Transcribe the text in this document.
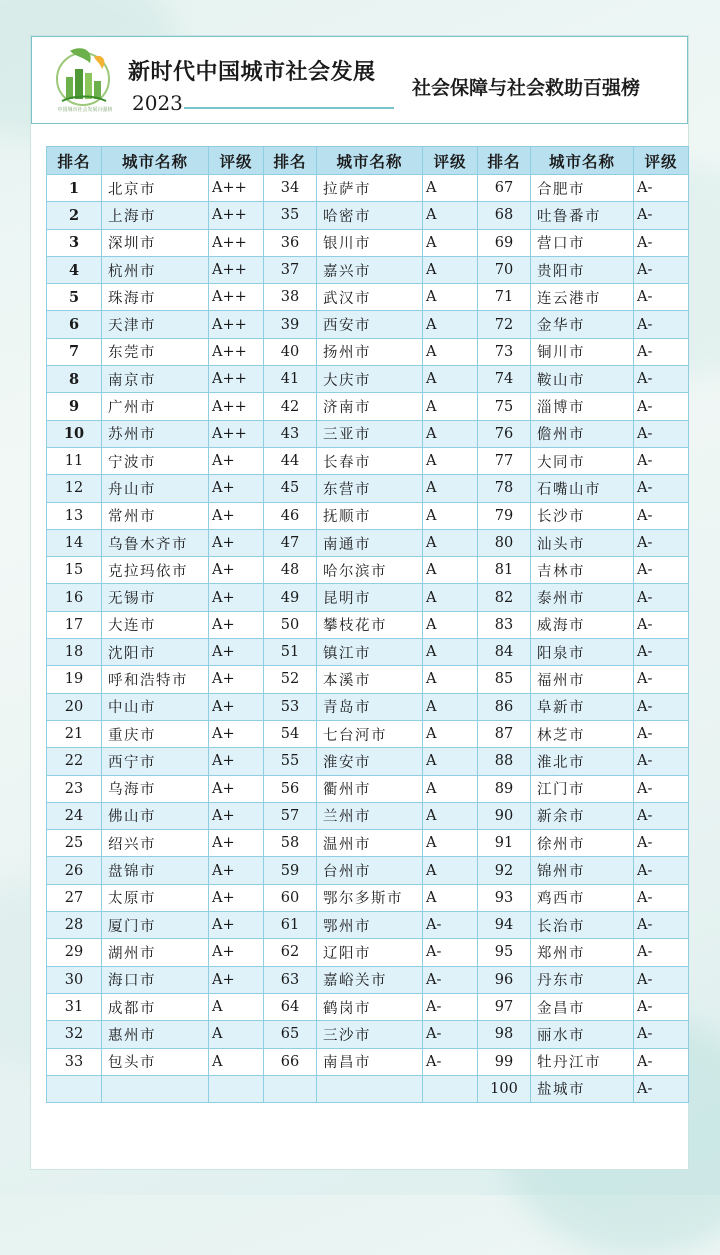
中国城市社会发展百强榜
新时代中国城市社会发展
2023
社会保障与社会救助百强榜
排名	城市名称	评级	排名	城市名称	评级	排名	城市名称	评级
1	北京市	A++	34	拉萨市	A	67	合肥市	A-
2	上海市	A++	35	哈密市	A	68	吐鲁番市	A-
3	深圳市	A++	36	银川市	A	69	营口市	A-
4	杭州市	A++	37	嘉兴市	A	70	贵阳市	A-
5	珠海市	A++	38	武汉市	A	71	连云港市	A-
6	天津市	A++	39	西安市	A	72	金华市	A-
7	东莞市	A++	40	扬州市	A	73	铜川市	A-
8	南京市	A++	41	大庆市	A	74	鞍山市	A-
9	广州市	A++	42	济南市	A	75	淄博市	A-
10	苏州市	A++	43	三亚市	A	76	儋州市	A-
11	宁波市	A+	44	长春市	A	77	大同市	A-
12	舟山市	A+	45	东营市	A	78	石嘴山市	A-
13	常州市	A+	46	抚顺市	A	79	长沙市	A-
14	乌鲁木齐市	A+	47	南通市	A	80	汕头市	A-
15	克拉玛依市	A+	48	哈尔滨市	A	81	吉林市	A-
16	无锡市	A+	49	昆明市	A	82	泰州市	A-
17	大连市	A+	50	攀枝花市	A	83	威海市	A-
18	沈阳市	A+	51	镇江市	A	84	阳泉市	A-
19	呼和浩特市	A+	52	本溪市	A	85	福州市	A-
20	中山市	A+	53	青岛市	A	86	阜新市	A-
21	重庆市	A+	54	七台河市	A	87	林芝市	A-
22	西宁市	A+	55	淮安市	A	88	淮北市	A-
23	乌海市	A+	56	衢州市	A	89	江门市	A-
24	佛山市	A+	57	兰州市	A	90	新余市	A-
25	绍兴市	A+	58	温州市	A	91	徐州市	A-
26	盘锦市	A+	59	台州市	A	92	锦州市	A-
27	太原市	A+	60	鄂尔多斯市	A	93	鸡西市	A-
28	厦门市	A+	61	鄂州市	A-	94	长治市	A-
29	湖州市	A+	62	辽阳市	A-	95	郑州市	A-
30	海口市	A+	63	嘉峪关市	A-	96	丹东市	A-
31	成都市	A	64	鹤岗市	A-	97	金昌市	A-
32	惠州市	A	65	三沙市	A-	98	丽水市	A-
33	包头市	A	66	南昌市	A-	99	牡丹江市	A-
						100	盐城市	A-
